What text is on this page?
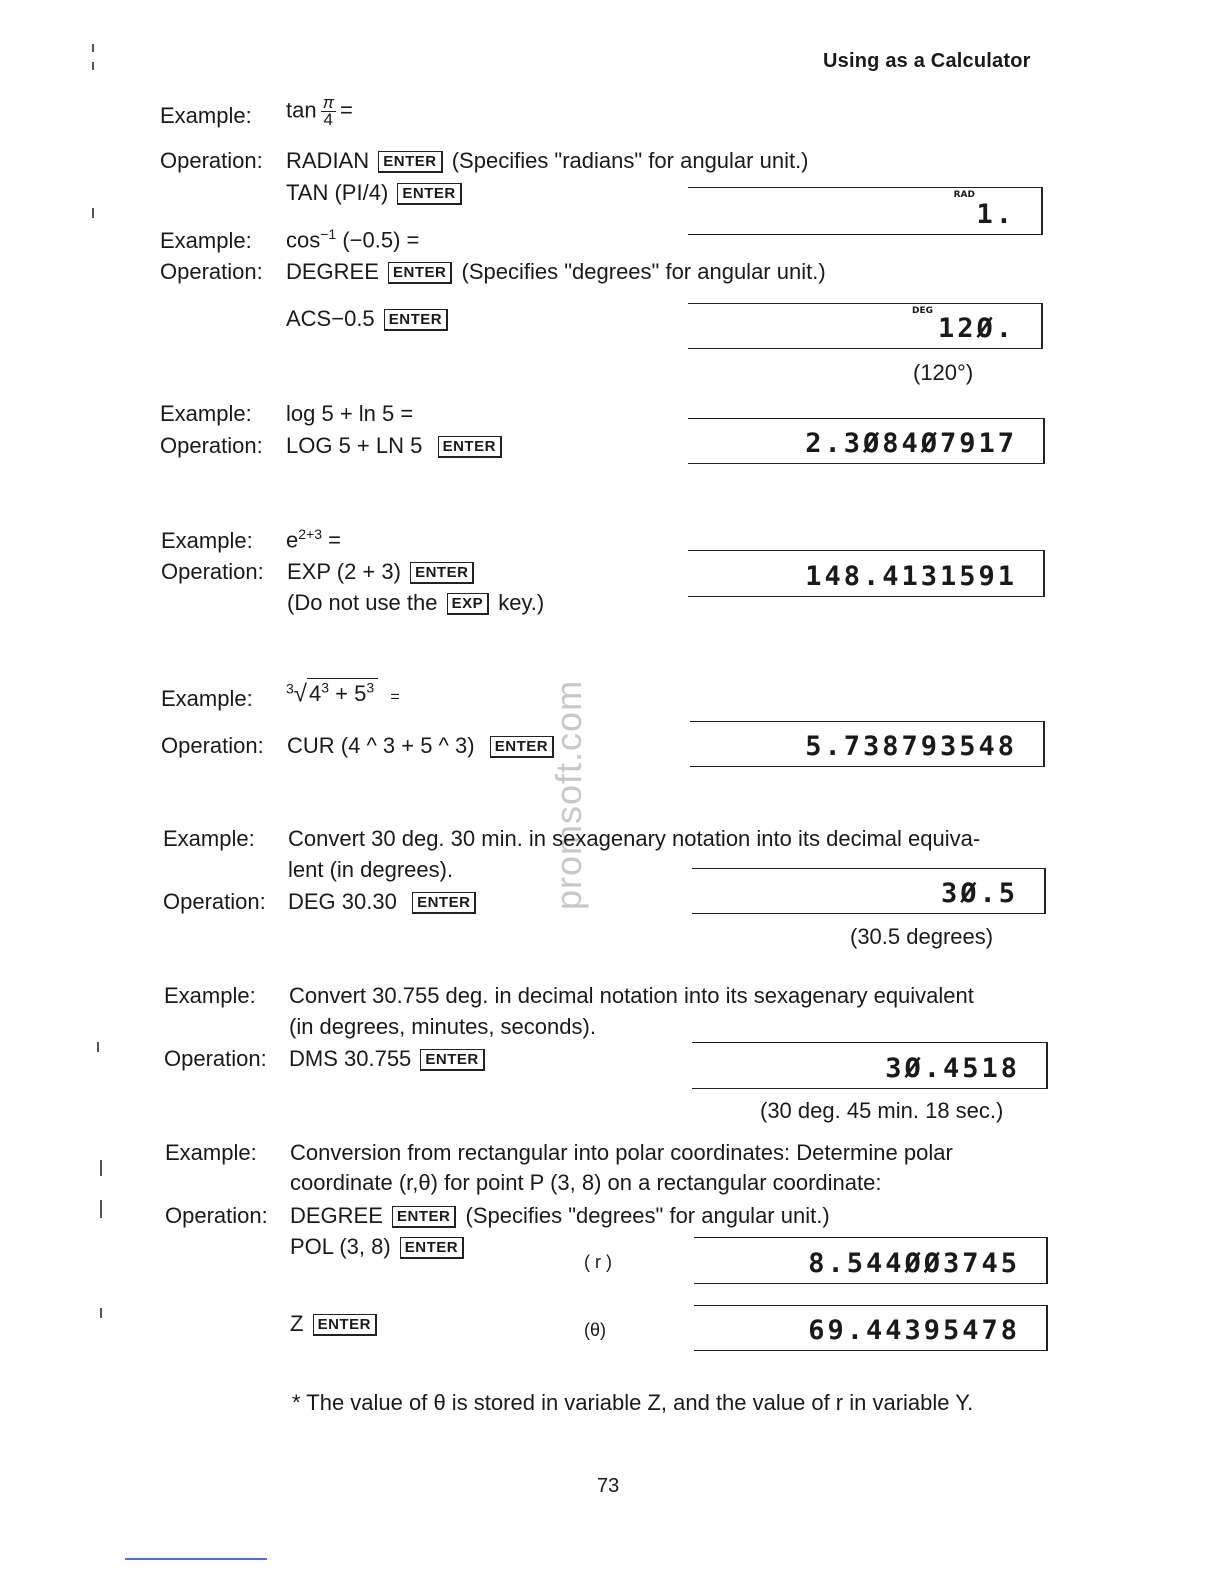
Using as a Calculator
promsoft.com
Example: $\tan \frac{\pi}{4}$ =
Operation: RADIAN ENTER (Specifies "radians" for angular unit.)
TAN (PI/4) ENTER	RAD
1.
Example: $\cos^{-1} (-0.5)$ =
Operation: DEGREE ENTER (Specifies "degrees" for angular unit.)
ACS−0.5 ENTER	DEG
12Ø.
(120°)
Example: log 5 + ln 5 =
Operation: LOG 5 + LN 5 ENTER	2.3Ø84Ø7917
Example: $e^{2+3}$ =
Operation: EXP (2 + 3) ENTER
(Do not use the EXP key.)
148.4131591
Example: $^3√4^3 + 5^3$  =
Operation: CUR (4 ^ 3 + 5 ^ 3) ENTER	5.738793548
Example: Convert 30 deg. 30 min. in sexagenary notation into its decimal equiva-
lent (in degrees).
Operation: DEG 30.30 ENTER	3Ø.5
(30.5 degrees)
Example: Convert 30.755 deg. in decimal notation into its sexagenary equivalent
(in degrees, minutes, seconds).
Operation: DMS 30.755 ENTER	3Ø.4518
(30 deg. 45 min. 18 sec.)
Example: Conversion from rectangular into polar coordinates: Determine polar
coordinate (r,θ) for point P (3, 8) on a rectangular coordinate:
Operation: DEGREE ENTER (Specifies "degrees" for angular unit.)
POL (3, 8) ENTER
( r )	8.544ØØ3745
Z ENTER	(θ)	69.44395478
* The value of θ is stored in variable Z, and the value of r in variable Y.
73
